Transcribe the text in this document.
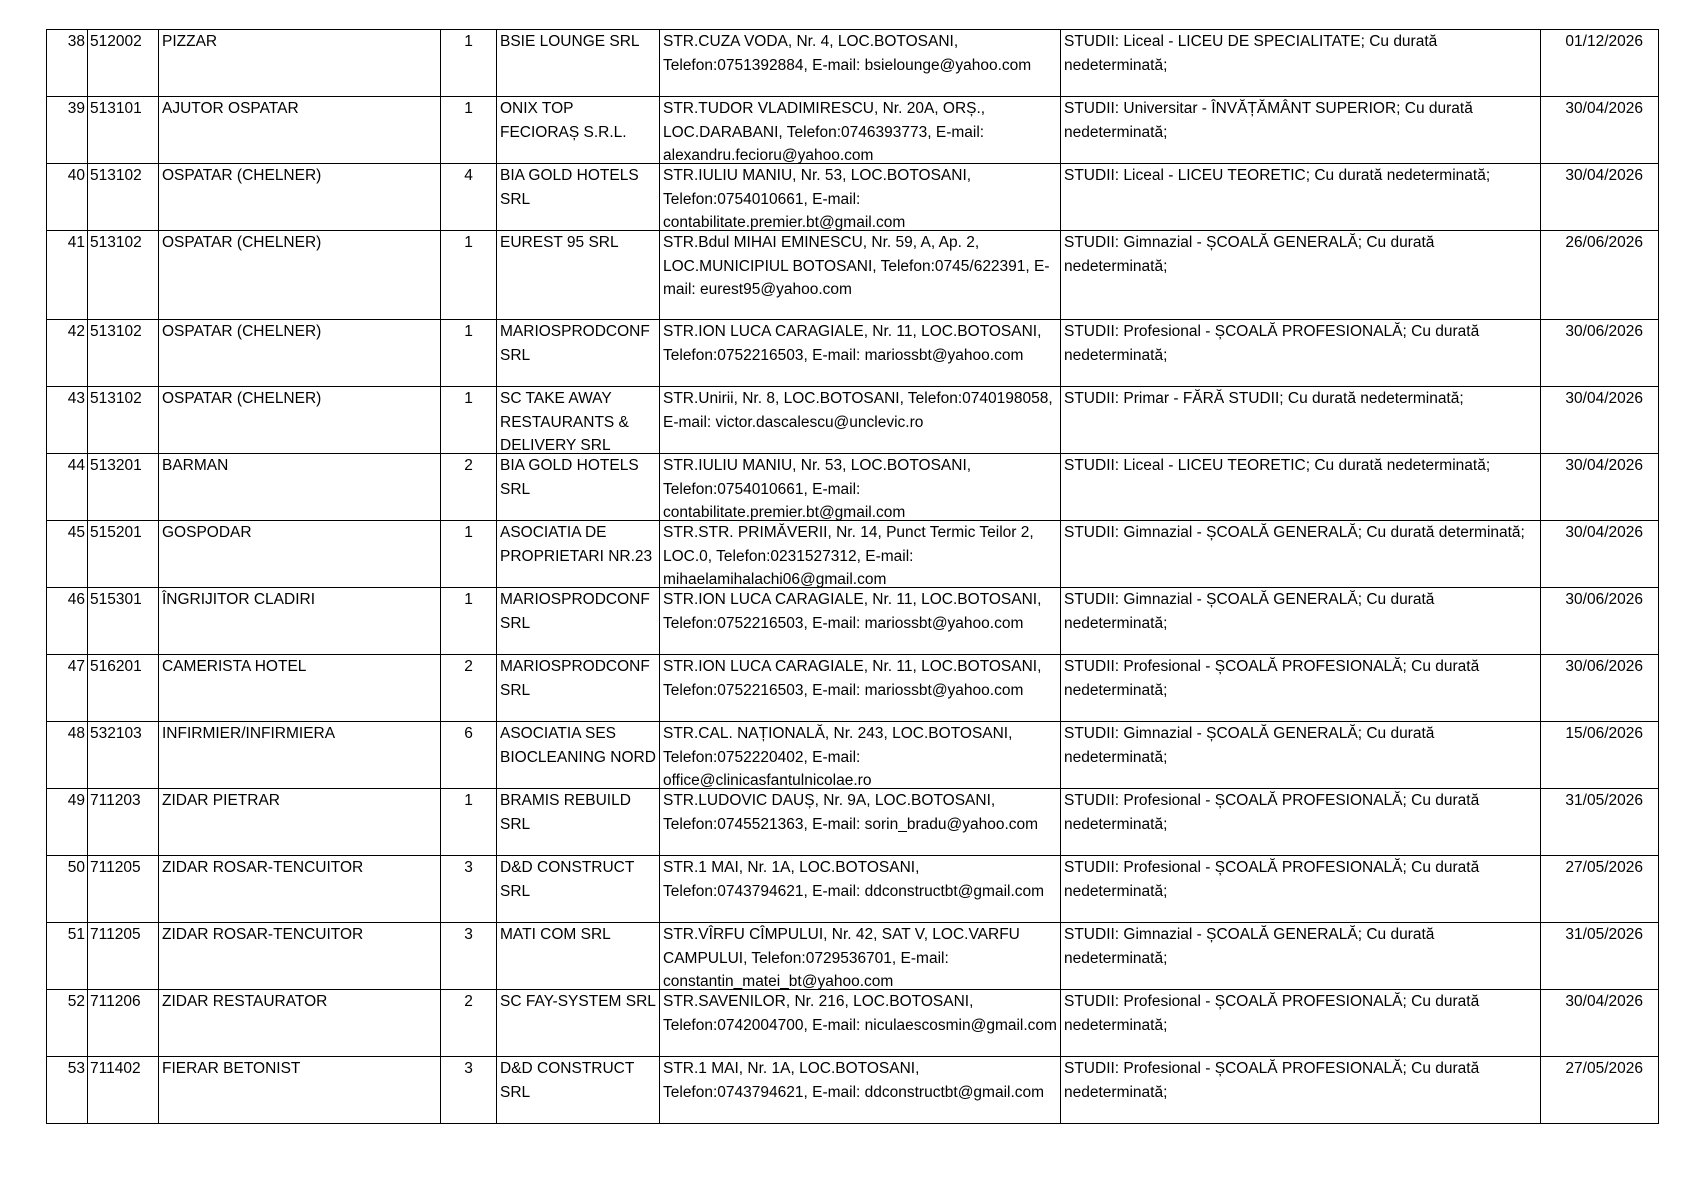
38	512002	PIZZAR	1	BSIE LOUNGE SRL	STR.CUZA VODA, Nr. 4, LOC.BOTOSANI, Telefon:0751392884, E-mail: bsielounge@yahoo.com	STUDII: Liceal - LICEU DE SPECIALITATE; Cu durată nedeterminată;	01/12/2026

39	513101	AJUTOR OSPATAR	1	ONIX TOP FECIORAȘ S.R.L.	STR.TUDOR VLADIMIRESCU, Nr. 20A, ORȘ., LOC.DARABANI, Telefon:0746393773, E-mail: alexandru.fecioru@yahoo.com	STUDII: Universitar - ÎNVĂȚĂMÂNT SUPERIOR; Cu durată nedeterminată;	30/04/2026

40	513102	OSPATAR (CHELNER)	4	BIA GOLD HOTELS SRL	STR.IULIU MANIU, Nr. 53, LOC.BOTOSANI, Telefon:0754010661, E-mail: contabilitate.premier.bt@gmail.com	STUDII: Liceal - LICEU TEORETIC; Cu durată nedeterminată;	30/04/2026

41	513102	OSPATAR (CHELNER)	1	EUREST 95 SRL	STR.Bdul MIHAI EMINESCU, Nr. 59, A, Ap. 2, LOC.MUNICIPIUL BOTOSANI, Telefon:0745/622391, E-mail: eurest95@yahoo.com	STUDII: Gimnazial - ȘCOALĂ GENERALĂ; Cu durată nedeterminată;	26/06/2026

42	513102	OSPATAR (CHELNER)	1	MARIOSPRODCONF SRL	STR.ION LUCA CARAGIALE, Nr. 11, LOC.BOTOSANI, Telefon:0752216503, E-mail: mariossbt@yahoo.com	STUDII: Profesional - ȘCOALĂ PROFESIONALĂ; Cu durată nedeterminată;	30/06/2026

43	513102	OSPATAR (CHELNER)	1	SC TAKE AWAY RESTAURANTS & DELIVERY SRL	STR.Unirii, Nr. 8, LOC.BOTOSANI, Telefon:0740198058, E-mail: victor.dascalescu@unclevic.ro	STUDII: Primar - FĂRĂ STUDII; Cu durată nedeterminată;	30/04/2026

44	513201	BARMAN	2	BIA GOLD HOTELS SRL	STR.IULIU MANIU, Nr. 53, LOC.BOTOSANI, Telefon:0754010661, E-mail: contabilitate.premier.bt@gmail.com	STUDII: Liceal - LICEU TEORETIC; Cu durată nedeterminată;	30/04/2026

45	515201	GOSPODAR	1	ASOCIATIA DE PROPRIETARI NR.23	STR.STR. PRIMĂVERII, Nr. 14, Punct Termic Teilor 2, LOC.0, Telefon:0231527312, E-mail: mihaelamihalachi06@gmail.com	STUDII: Gimnazial - ȘCOALĂ GENERALĂ; Cu durată determinată;	30/04/2026

46	515301	ÎNGRIJITOR CLADIRI	1	MARIOSPRODCONF SRL	STR.ION LUCA CARAGIALE, Nr. 11, LOC.BOTOSANI, Telefon:0752216503, E-mail: mariossbt@yahoo.com	STUDII: Gimnazial - ȘCOALĂ GENERALĂ; Cu durată nedeterminată;	30/06/2026

47	516201	CAMERISTA HOTEL	2	MARIOSPRODCONF SRL	STR.ION LUCA CARAGIALE, Nr. 11, LOC.BOTOSANI, Telefon:0752216503, E-mail: mariossbt@yahoo.com	STUDII: Profesional - ȘCOALĂ PROFESIONALĂ; Cu durată nedeterminată;	30/06/2026

48	532103	INFIRMIER/INFIRMIERA	6	ASOCIATIA SES BIOCLEANING NORD	STR.CAL. NAȚIONALĂ, Nr. 243, LOC.BOTOSANI, Telefon:0752220402, E-mail: office@clinicasfantulnicolae.ro	STUDII: Gimnazial - ȘCOALĂ GENERALĂ; Cu durată nedeterminată;	15/06/2026

49	711203	ZIDAR PIETRAR	1	BRAMIS REBUILD SRL	STR.LUDOVIC DAUȘ, Nr. 9A, LOC.BOTOSANI, Telefon:0745521363, E-mail: sorin_bradu@yahoo.com	STUDII: Profesional - ȘCOALĂ PROFESIONALĂ; Cu durată nedeterminată;	31/05/2026

50	711205	ZIDAR ROSAR-TENCUITOR	3	D&D CONSTRUCT SRL	STR.1 MAI, Nr. 1A, LOC.BOTOSANI, Telefon:0743794621, E-mail: ddconstructbt@gmail.com	STUDII: Profesional - ȘCOALĂ PROFESIONALĂ; Cu durată nedeterminată;	27/05/2026

51	711205	ZIDAR ROSAR-TENCUITOR	3	MATI COM SRL	STR.VÎRFU CÎMPULUI, Nr. 42, SAT V, LOC.VARFU CAMPULUI, Telefon:0729536701, E-mail: constantin_matei_bt@yahoo.com	STUDII: Gimnazial - ȘCOALĂ GENERALĂ; Cu durată nedeterminată;	31/05/2026

52	711206	ZIDAR RESTAURATOR	2	SC FAY-SYSTEM SRL	STR.SAVENILOR, Nr. 216, LOC.BOTOSANI, Telefon:0742004700, E-mail: niculaescosmin@gmail.com	STUDII: Profesional - ȘCOALĂ PROFESIONALĂ; Cu durată nedeterminată;	30/04/2026

53	711402	FIERAR BETONIST	3	D&D CONSTRUCT SRL	STR.1 MAI, Nr. 1A, LOC.BOTOSANI, Telefon:0743794621, E-mail: ddconstructbt@gmail.com	STUDII: Profesional - ȘCOALĂ PROFESIONALĂ; Cu durată nedeterminată;	27/05/2026
